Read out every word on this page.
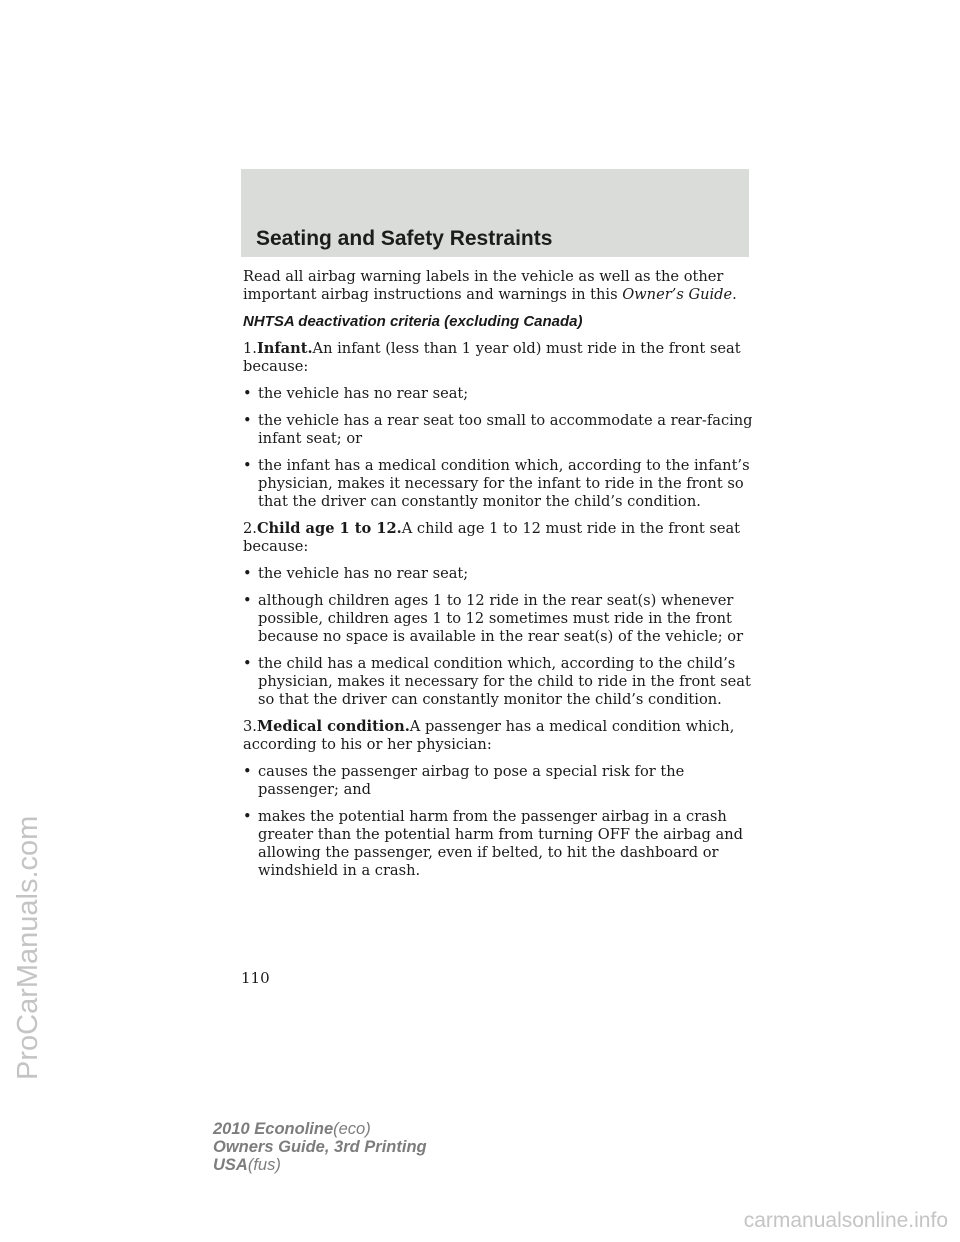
Seating and Safety Restraints

Read all airbag warning labels in the vehicle as well as the other important airbag instructions and warnings in this Owner’s Guide.

NHTSA deactivation criteria (excluding Canada)

1.Infant.An infant (less than 1 year old) must ride in the front seat because:

• the vehicle has no rear seat;
• the vehicle has a rear seat too small to accommodate a rear-facing infant seat; or
• the infant has a medical condition which, according to the infant’s physician, makes it necessary for the infant to ride in the front so that the driver can constantly monitor the child’s condition.

2.Child age 1 to 12.A child age 1 to 12 must ride in the front seat because:

• the vehicle has no rear seat;
• although children ages 1 to 12 ride in the rear seat(s) whenever possible, children ages 1 to 12 sometimes must ride in the front because no space is available in the rear seat(s) of the vehicle; or
• the child has a medical condition which, according to the child’s physician, makes it necessary for the child to ride in the front seat so that the driver can constantly monitor the child’s condition.

3.Medical condition.A passenger has a medical condition which, according to his or her physician:

• causes the passenger airbag to pose a special risk for the passenger; and
• makes the potential harm from the passenger airbag in a crash greater than the potential harm from turning OFF the airbag and allowing the passenger, even if belted, to hit the dashboard or windshield in a crash.
110
2010 Econoline(eco)
Owners Guide, 3rd Printing
USA(fus)
ProCarManuals.com
carmanualsonline.info
